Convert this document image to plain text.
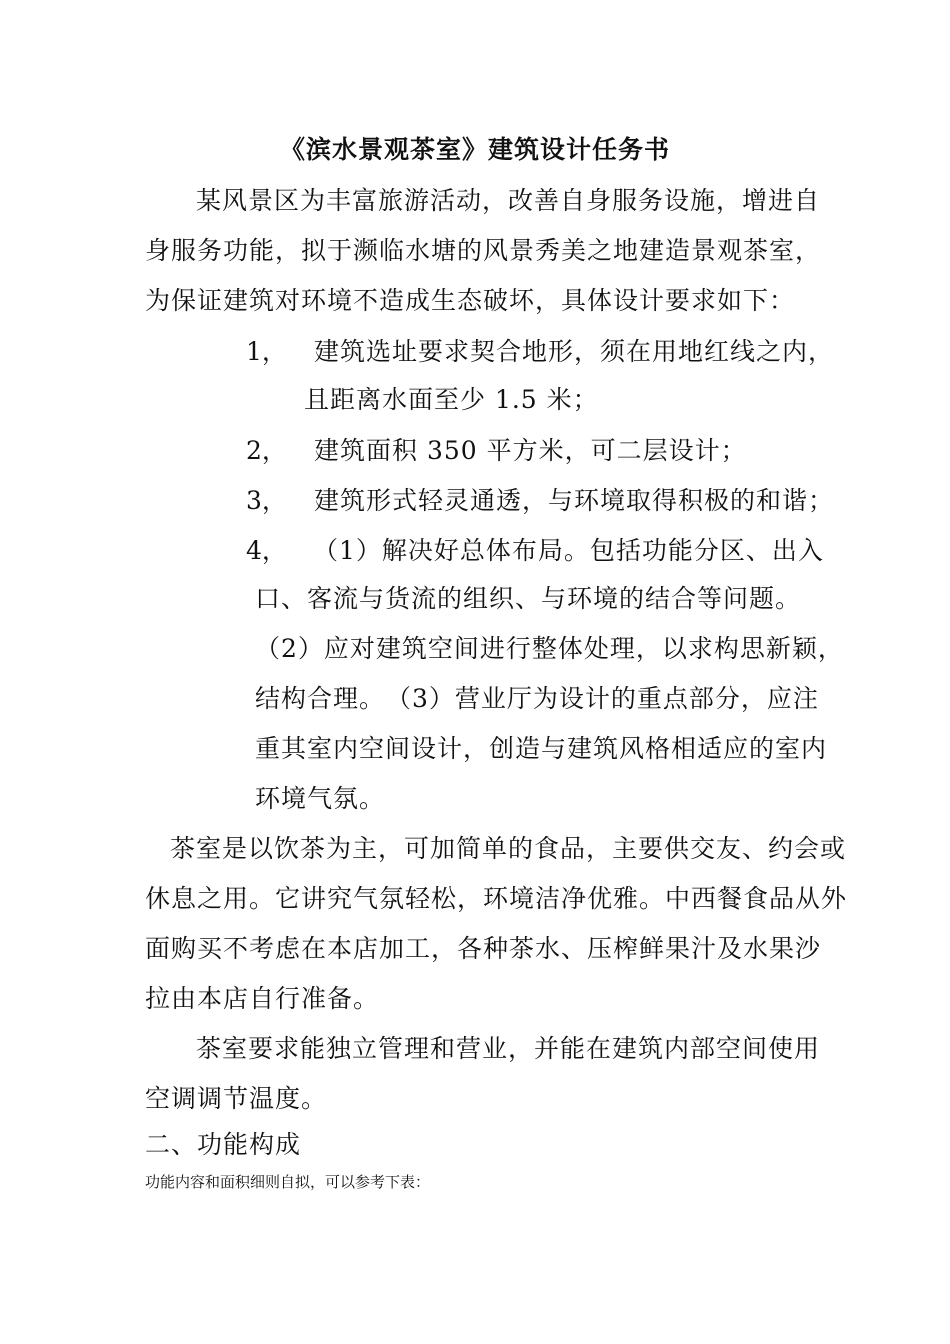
《滨水景观茶室》建筑设计任务书
某风景区为丰富旅游活动，改善自身服务设施，增进自
身服务功能，拟于濒临水塘的风景秀美之地建造景观茶室，
为保证建筑对环境不造成生态破坏，具体设计要求如下：
1， 建筑选址要求契合地形，须在用地红线之内，
且距离水面至少 1.5 米；
2， 建筑面积 350 平方米，可二层设计；
3， 建筑形式轻灵通透，与环境取得积极的和谐；
4， （1）解决好总体布局。包括功能分区、出入
口、客流与货流的组织、与环境的结合等问题。
（2）应对建筑空间进行整体处理，以求构思新颖，
结构合理。　（3）营业厅为设计的重点部分，应注
重其室内空间设计，创造与建筑风格相适应的室内
环境气氛。
茶室是以饮茶为主，可加简单的食品，主要供交友、约会或
休息之用。它讲究气氛轻松，环境洁净优雅。中西餐食品从外
面购买不考虑在本店加工，各种茶水、压榨鲜果汁及水果沙
拉由本店自行准备。
茶室要求能独立管理和营业，并能在建筑内部空间使用
空调调节温度。
二、功能构成
功能内容和面积细则自拟，可以参考下表：
